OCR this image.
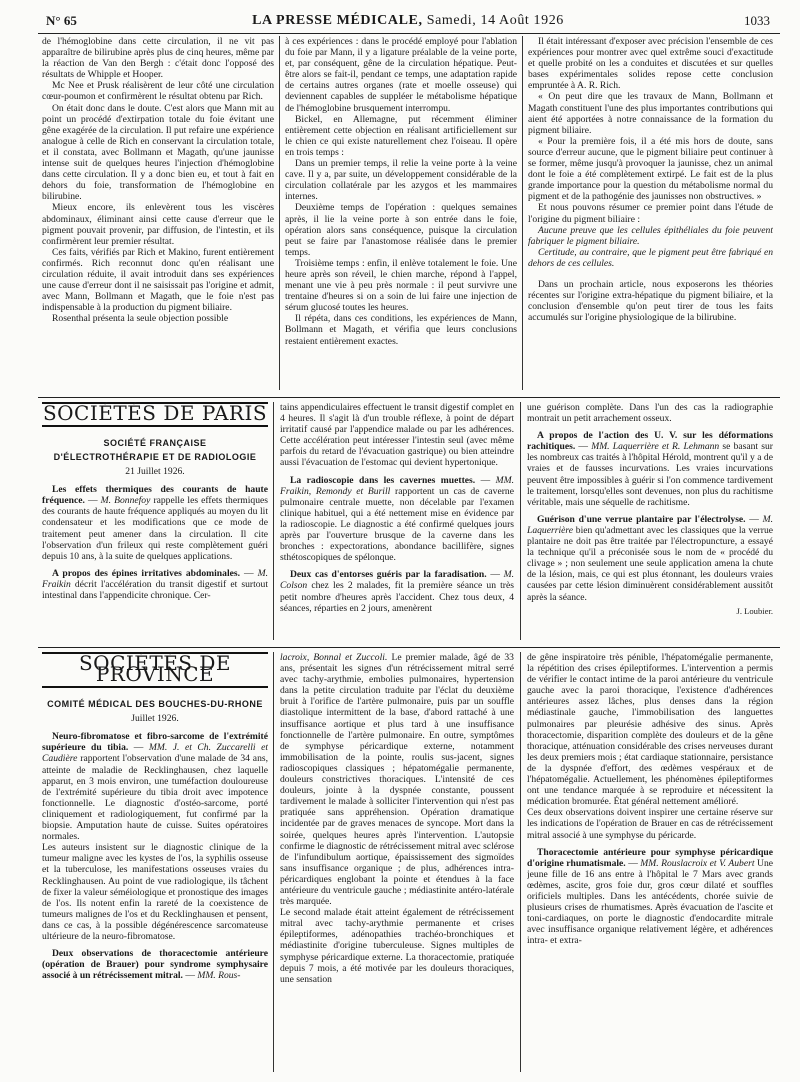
N° 65	LA PRESSE MÉDICALE, Samedi, 14 Août 1926	1033

de l'hémoglobine dans cette circulation, il ne vit pas apparaître de bilirubine après plus de cinq heures, même par la réaction de Van den Bergh : c'était donc l'opposé des résultats de Whipple et Hooper.

Mc Nee et Prusk réalisèrent de leur côté une circulation cœur-poumon et confirmèrent le résultat obtenu par Rich.

On était donc dans le doute. C'est alors que Mann mit au point un procédé d'extirpation totale du foie évitant une gêne exagérée de la circulation. Il put refaire une expérience analogue à celle de Rich en conservant la circulation totale, et il constata, avec Bollmann et Magath, qu'une jaunisse intense suit de quelques heures l'injection d'hémoglobine dans cette circulation. Il y a donc bien eu, et tout à fait en dehors du foie, transformation de l'hémoglobine en bilirubine.

Mieux encore, ils enlevèrent tous les viscères abdominaux, éliminant ainsi cette cause d'erreur que le pigment pouvait provenir, par diffusion, de l'intestin, et ils confirmèrent leur premier résultat.

Ces faits, vérifiés par Rich et Makino, furent entièrement confirmés. Rich reconnut donc qu'en réalisant une circulation réduite, il avait introduit dans ses expériences une cause d'erreur dont il ne saisissait pas l'origine et admit, avec Mann, Bollmann et Magath, que le foie n'est pas indispensable à la production du pigment biliaire.

Rosenthal présenta la seule objection possible

à ces expériences : dans le procédé employé pour l'ablation du foie par Mann, il y a ligature préalable de la veine porte, et, par conséquent, gêne de la circulation hépatique. Peut-être alors se fait-il, pendant ce temps, une adaptation rapide de certains autres organes (rate et moelle osseuse) qui deviennent capables de suppléer le métabolisme hépatique de l'hémoglobine brusquement interrompu.

Bickel, en Allemagne, put récemment éliminer entièrement cette objection en réalisant artificiellement sur le chien ce qui existe naturellement chez l'oiseau. Il opère en trois temps :

Dans un premier temps, il relie la veine porte à la veine cave. Il y a, par suite, un développement considérable de la circulation collatérale par les azygos et les mammaires internes.

Deuxième temps de l'opération : quelques semaines après, il lie la veine porte à son entrée dans le foie, opération alors sans conséquence, puisque la circulation peut se faire par l'anastomose réalisée dans le premier temps.

Troisième temps : enfin, il enlève totalement le foie. Une heure après son réveil, le chien marche, répond à l'appel, menant une vie à peu près normale : il peut survivre une trentaine d'heures si on a soin de lui faire une injection de sérum glucosé toutes les heures.

Il répéta, dans ces conditions, les expériences de Mann, Bollmann et Magath, et vérifia que leurs conclusions restaient entièrement exactes.

Il était intéressant d'exposer avec précision l'ensemble de ces expériences pour montrer avec quel extrême souci d'exactitude et quelle probité on les a conduites et discutées et sur quelles bases expérimentales solides repose cette conclusion empruntée à A. R. Rich.

« On peut dire que les travaux de Mann, Bollmann et Magath constituent l'une des plus importantes contributions qui aient été apportées à notre connaissance de la formation du pigment biliaire.

« Pour la première fois, il a été mis hors de doute, sans source d'erreur aucune, que le pigment biliaire peut continuer à se former, même jusqu'à provoquer la jaunisse, chez un animal dont le foie a été complètement extirpé. Le fait est de la plus grande importance pour la question du métabolisme normal du pigment et de la pathogénie des jaunisses non obstructives. »

Et nous pouvons résumer ce premier point dans l'étude de l'origine du pigment biliaire :

Aucune preuve que les cellules épithéliales du foie peuvent fabriquer le pigment biliaire.

Certitude, au contraire, que le pigment peut être fabriqué en dehors de ces cellules.

Dans un prochain article, nous exposerons les théories récentes sur l'origine extra-hépatique du pigment biliaire, et la conclusion d'ensemble qu'on peut tirer de tous les faits accumulés sur l'origine physiologique de la bilirubine.

SOCIÉTÉS DE PARIS
SOCIÉTÉ FRANÇAISE
D'ÉLECTROTHÉRAPIE ET DE RADIOLOGIE
21 Juillet 1926.

Les effets thermiques des courants de haute fréquence. — M. Bonnefoy rappelle les effets thermiques des courants de haute fréquence appliqués au moyen du lit condensateur et les modifications que ce mode de traitement peut amener dans la circulation. Il cite l'observation d'un frileux qui reste complètement guéri depuis 10 ans, à la suite de quelques applications.

A propos des épines irritatives abdominales. — M. Fraikin décrit l'accélération du transit digestif et surtout intestinal dans l'appendicite chronique. Cer-

tains appendiculaires effectuent le transit digestif complet en 4 heures. Il s'agit là d'un trouble réflexe, à point de départ irritatif causé par l'appendice malade ou par les adhérences. Cette accélération peut intéresser l'intestin seul (avec même parfois du retard de l'évacuation gastrique) ou bien atteindre aussi l'évacuation de l'estomac qui devient hypertonique.

La radioscopie dans les cavernes muettes. — MM. Fraikin, Remondy et Burill rapportent un cas de caverne pulmonaire centrale muette, non décelable par l'examen clinique habituel, qui a été nettement mise en évidence par la radioscopie. Le diagnostic a été confirmé quelques jours après par l'ouverture brusque de la caverne dans les bronches : expectorations, abondance bacillifère, signes sthétoscopiques de spélonque.

Deux cas d'entorses guéris par la faradisation. — M. Colson chez les 2 malades, fit la première séance un très petit nombre d'heures après l'accident. Chez tous deux, 4 séances, réparties en 2 jours, amenèrent

une guérison complète. Dans l'un des cas la radiographie montrait un petit arrachement osseux.

A propos de l'action des U. V. sur les déformations rachitiques. — MM. Laquerrière et R. Lehmann se basant sur les nombreux cas traités à l'hôpital Hérold, montrent qu'il y a de vraies et de fausses incurvations. Les vraies incurvations peuvent être impossibles à guérir si l'on commence tardivement le traitement, lorsqu'elles sont devenues, non plus du rachitisme véritable, mais une séquelle de rachitisme.

Guérison d'une verrue plantaire par l'électrolyse. — M. Laquerrière bien qu'admettant avec les classiques que la verrue plantaire ne doit pas être traitée par l'électropuncture, a essayé la technique qu'il a préconisée sous le nom de « procédé du clivage » ; non seulement une seule application amena la chute de la lésion, mais, ce qui est plus étonnant, les douleurs vraies causées par cette lésion diminuèrent considérablement aussitôt après la séance.

J. Loubier.
SOCIÉTÉS DE PROVINCE
COMITÉ MÉDICAL DES BOUCHES-DU-RHONE
Juillet 1926.

Neuro-fibromatose et fibro-sarcome de l'extrémité supérieure du tibia. — MM. J. et Ch. Zuccarelli et Caudière rapportent l'observation d'une malade de 34 ans, atteinte de maladie de Recklinghausen, chez laquelle apparut, en 3 mois environ, une tuméfaction douloureuse de l'extrémité supérieure du tibia droit avec impotence fonctionnelle. Le diagnostic d'ostéo-sarcome, porté cliniquement et radiologiquement, fut confirmé par la biopsie. Amputation haute de cuisse. Suites opératoires normales.

Les auteurs insistent sur le diagnostic clinique de la tumeur maligne avec les kystes de l'os, la syphilis osseuse et la tuberculose, les manifestations osseuses vraies du Recklinghausen. Au point de vue radiologique, ils tâchent de fixer la valeur séméiologique et pronostique des images de l'os. Ils notent enfin la rareté de la coexistence de tumeurs malignes de l'os et du Recklinghausen et pensent, dans ce cas, à la possible dégénérescence sarcomateuse ultérieure de la neuro-fibromatose.

Deux observations de thoracectomie antérieure (opération de Brauer) pour syndrome symphysaire associé à un rétrécissement mitral. — MM. Rous-

lacroix, Bonnal et Zuccoli. Le premier malade, âgé de 33 ans, présentait les signes d'un rétrécissement mitral serré avec tachy-arythmie, embolies pulmonaires, hypertension dans la petite circulation traduite par l'éclat du deuxième bruit à l'orifice de l'artère pulmonaire, puis par un souffle diastolique intermittent de la base, d'abord rattaché à une insuffisance aortique et plus tard à une insuffisance fonctionnelle de l'artère pulmonaire. En outre, symptômes de symphyse péricardique externe, notamment immobilisation de la pointe, roulis sus-jacent, signes radioscopiques classiques ; hépatomégalie permanente, douleurs constrictives thoraciques. L'intensité de ces douleurs, jointe à la dyspnée constante, poussent tardivement le malade à solliciter l'intervention qui n'est pas pratiquée sans appréhension. Opération dramatique incidentée par de graves menaces de syncope. Mort dans la soirée, quelques heures après l'intervention. L'autopsie confirme le diagnostic de rétrécissement mitral avec sclérose de l'infundibulum aortique, épaississement des sigmoïdes sans insuffisance organique ; de plus, adhérences intra-péricardiques englobant la pointe et étendues à la face antérieure du ventricule gauche ; médiastinite antéro-latérale très marquée.

Le second malade était atteint également de rétrécissement mitral avec tachy-arythmie permanente et crises épileptiformes, adénopathies trachéo-bronchiques et médiastinite d'origine tuberculeuse. Signes multiples de symphyse péricardique externe. La thoracectomie, pratiquée depuis 7 mois, a été motivée par les douleurs thoraciques, une sensation

de gêne inspiratoire très pénible, l'hépatomégalie permanente, la répétition des crises épileptiformes. L'intervention a permis de vérifier le contact intime de la paroi antérieure du ventricule gauche avec la paroi thoracique, l'existence d'adhérences antérieures assez lâches, plus denses dans la région médiastinale gauche, l'immobilisation des languettes pulmonaires par pleurésie adhésive des sinus. Après thoracectomie, disparition complète des douleurs et de la gêne thoracique, atténuation considérable des crises nerveuses durant les deux premiers mois ; état cardiaque stationnaire, persistance de la dyspnée d'effort, des œdèmes vespéraux et de l'hépatomégalie. Actuellement, les phénomènes épileptiformes ont une tendance marquée à se reproduire et nécessitent la médication bromurée. État général nettement amélioré.

Ces deux observations doivent inspirer une certaine réserve sur les indications de l'opération de Brauer en cas de rétrécissement mitral associé à une symphyse du péricarde.

Thoracectomie antérieure pour symphyse péricardique d'origine rhumatismale. — MM. Rouslacroix et V. Aubert Une jeune fille de 16 ans entre à l'hôpital le 7 Mars avec grands œdèmes, ascite, gros foie dur, gros cœur dilaté et souffles orificiels multiples. Dans les antécédents, chorée suivie de plusieurs crises de rhumatismes. Après évacuation de l'ascite et toni-cardiaques, on porte le diagnostic d'endocardite mitrale avec insuffisance organique relativement légère, et adhérences intra- et extra-
